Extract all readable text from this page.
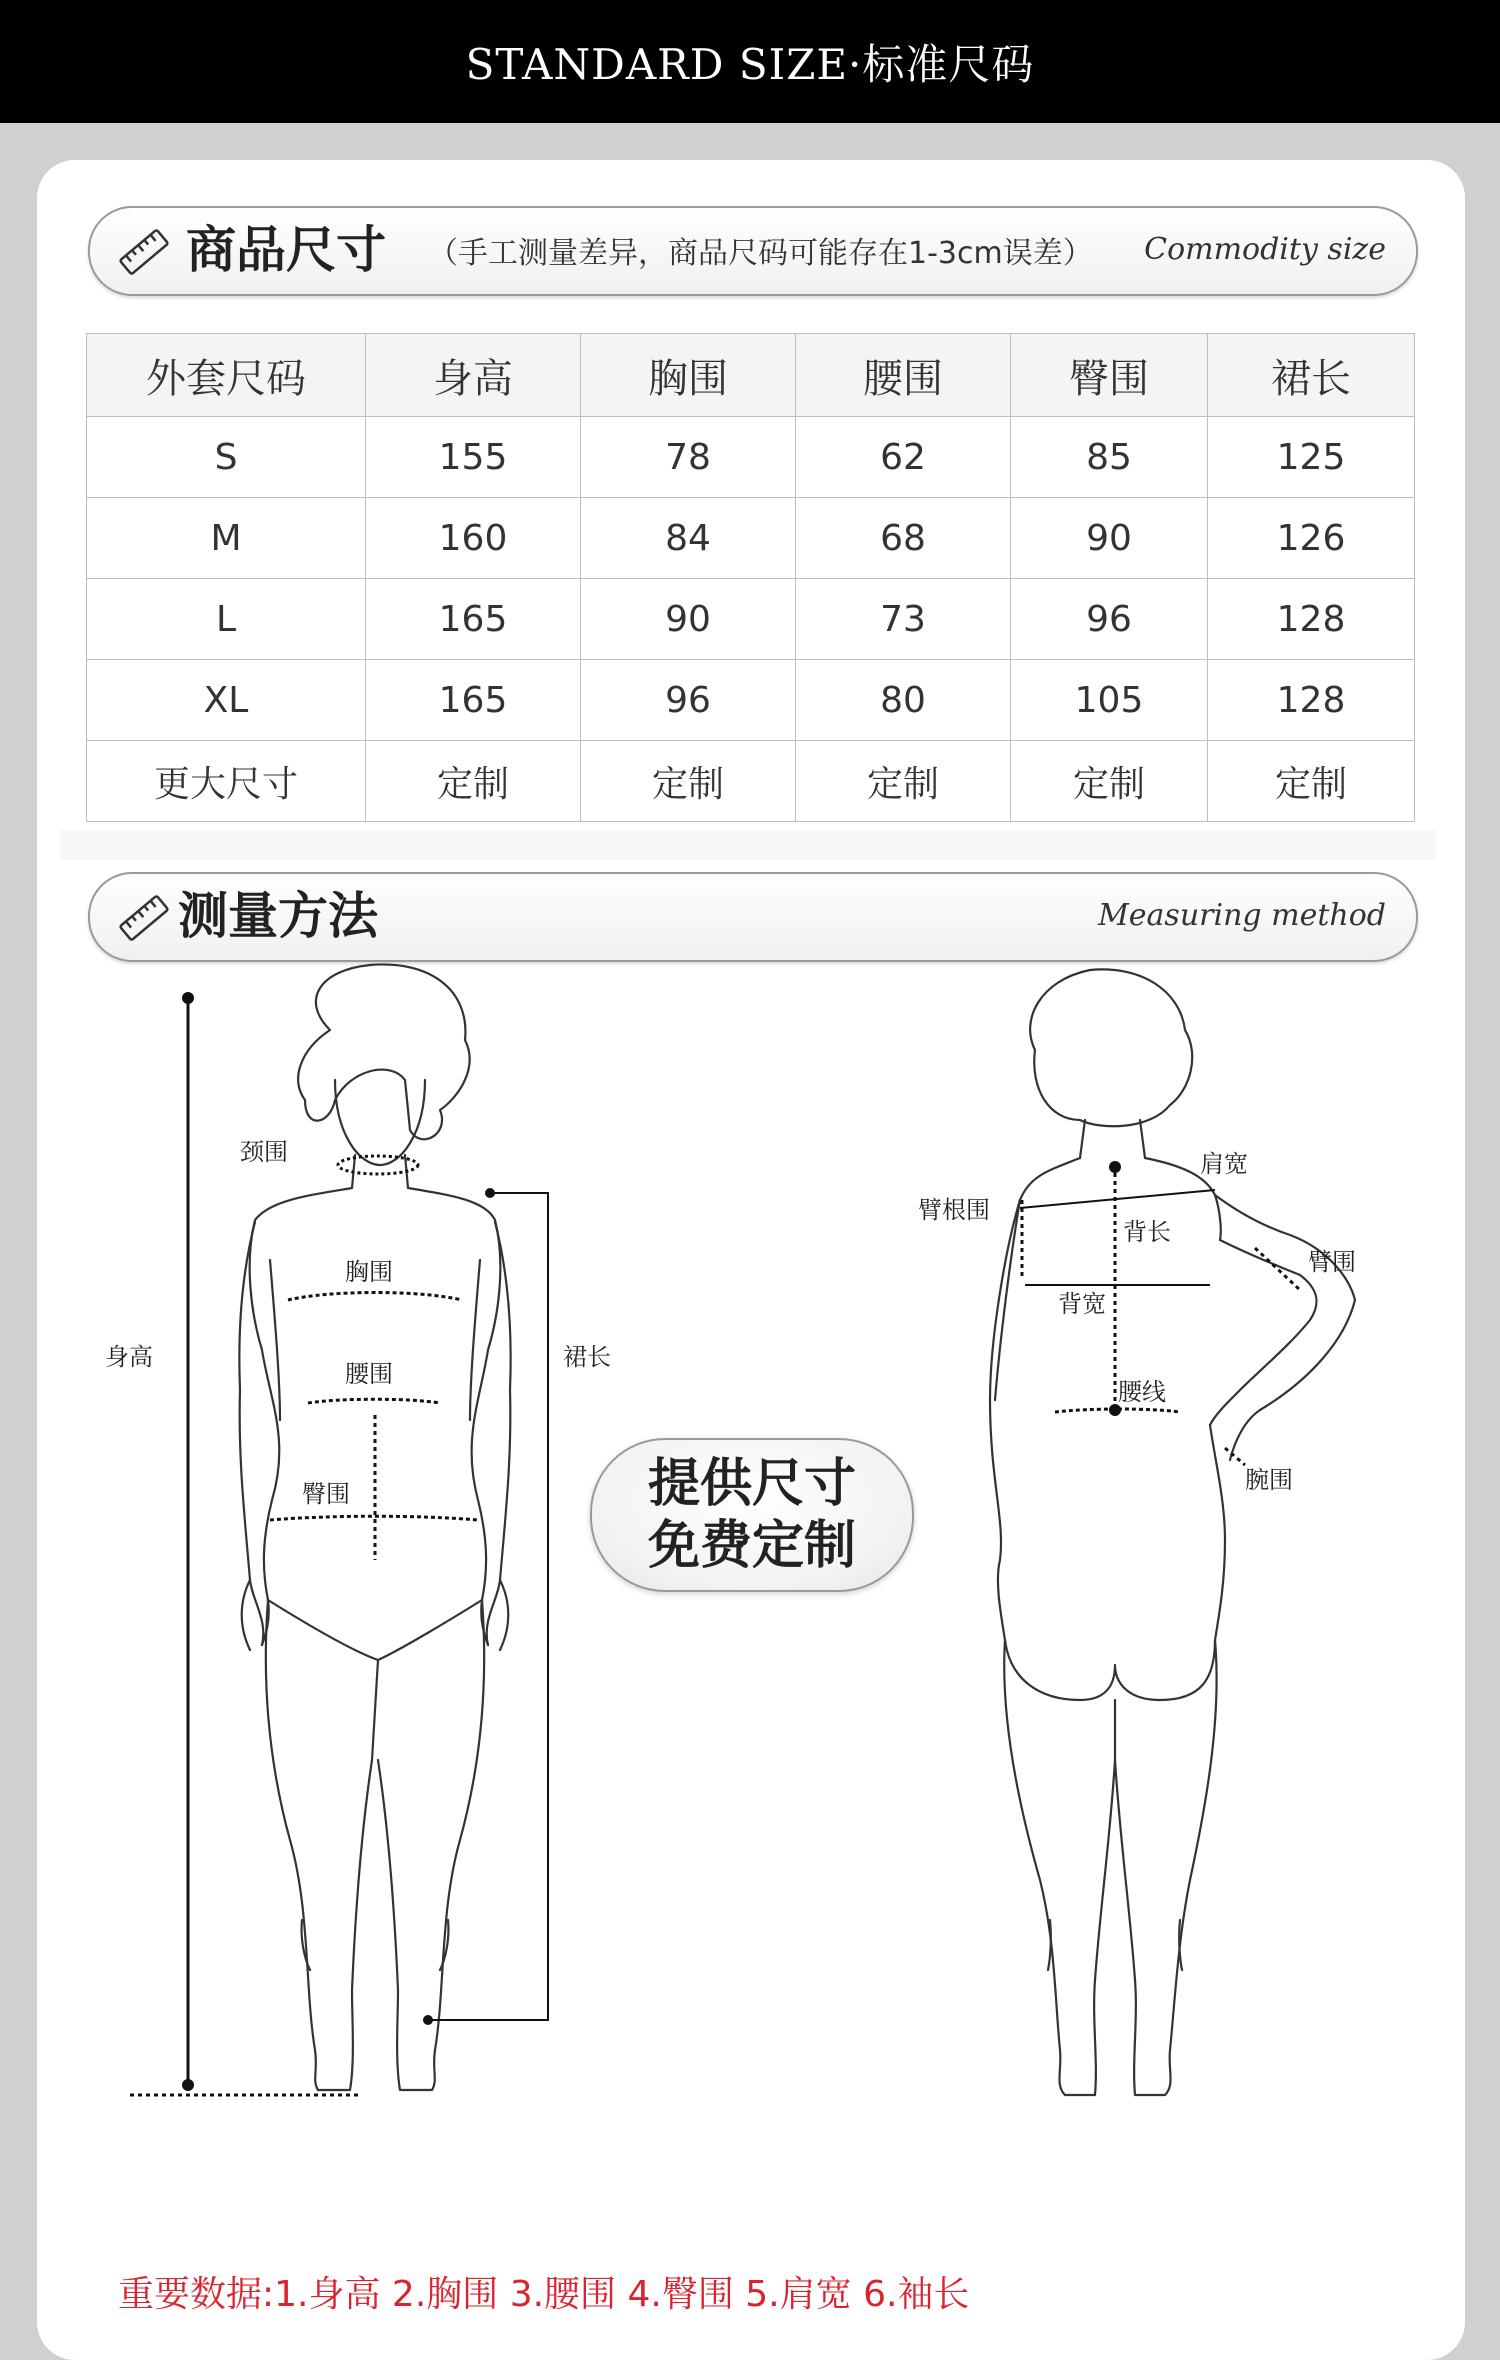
STANDARD SIZE·标准尺码
商品尺寸 （手工测量差异，商品尺码可能存在1-3cm误差） Commodity size
外套尺码	身高	胸围	腰围	臀围	裙长
S	155	78	62	85	125
M	160	84	68	90	126
L	165	90	73	96	128
XL	165	96	80	105	128
更大尺寸	定制	定制	定制	定制	定制
测量方法	Measuring method
颈围
胸围
腰围
臀围
身高	裙长
肩宽
臂根围
背长
臂围
背宽
腰线
腕围
提供尺寸
免费定制
重要数据:1.身高 2.胸围 3.腰围 4.臀围 5.肩宽 6.袖长
